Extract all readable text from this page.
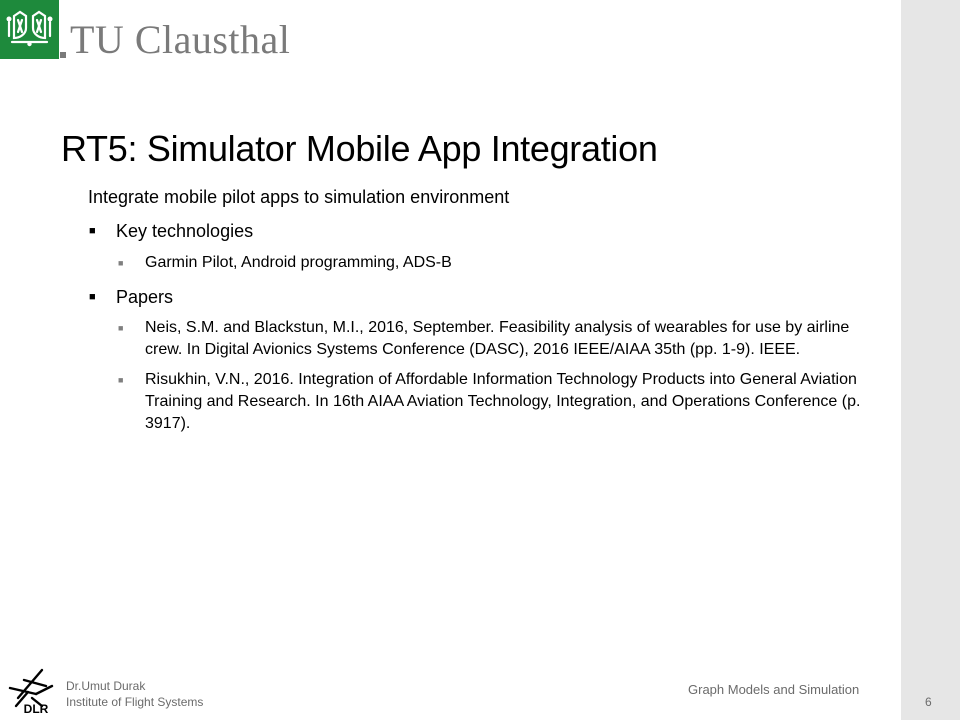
TU Clausthal
RT5: Simulator Mobile App Integration
Integrate mobile pilot apps to simulation environment
■ Key technologies
■ Garmin Pilot, Android programming, ADS-B
■ Papers
■ Neis, S.M. and Blackstun, M.I., 2016, September. Feasibility analysis of wearables for use by airline crew. In Digital Avionics Systems Conference (DASC), 2016 IEEE/AIAA 35th (pp. 1-9). IEEE.
■ Risukhin, V.N., 2016. Integration of Affordable Information Technology Products into General Aviation Training and Research. In 16th AIAA Aviation Technology, Integration, and Operations Conference (p. 3917).
DLR
Dr.Umut Durak
Institute of Flight Systems
Graph Models and Simulation
6
